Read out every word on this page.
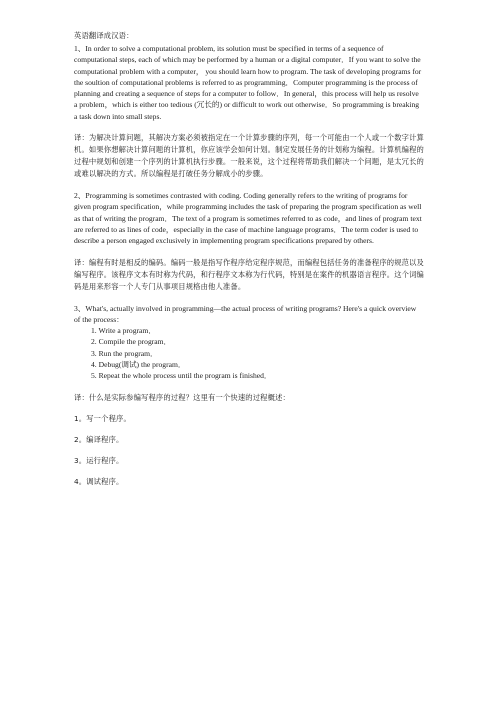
英语翻译成汉语：

1、In order to solve a computational problem, its solution must be specified in terms of a sequence of computational steps, each of which may be performed by a human or a digital computer．If you want to solve the computational problem with a computer， you should learn how to program. The task of developing programs for the soultion of computational problems is referred to as programming．Computer programming is the process of planning and creating a sequence of steps for a computer to follow．In general，this process will help us resolve a problem，which is either too tedious (冗长的) or difficult to work out otherwise．So programming is breaking a task down into small steps.

译：为解决计算问题，其解决方案必须被指定在一个计算步骤的序列，每一个可能由一个人或一个数字计算机。如果你想解决计算问题的计算机，你应该学会如何计划。制定发展任务的计划称为编程。计算机编程的过程中规划和创建一个序列的计算机执行步骤。一般来说，这个过程将帮助我们解决一个问题，是太冗长的或难以解决的方式。所以编程是打破任务分解成小的步骤。

2、Programming is sometimes contrasted with coding. Coding generally refers to the writing of programs for given program specification，while programming includes the task of preparing the program specification as well as that of writing the program．The text of a program is sometimes referred to as code，and lines of program text are referred to as lines of code，especially in the case of machine language programs．The term coder is used to describe a person engaged exclusively in implementing program specifications prepared by others.

译：编程有时是相反的编码。编码一般是指写作程序给定程序规范，而编程包括任务的准备程序的规范以及编写程序。该程序文本有时称为代码，和行程序文本称为行代码，特别是在案件的机器语言程序。这个词编码是用来形容一个人专门从事项目规格由他人准备。

3、What's, actually involved in programming—the actual process of writing programs? Here's a quick overview of the process：

1. Write a program．
2. Compile the program．
3. Run the program．
4. Debug(调试) the program．
5. Repeat the whole process until the program is finished．

译：什么是实际参编写程序的过程？这里有一个快速的过程概述：

1。写一个程序。

2。编译程序。

3。运行程序。

4。调试程序。
